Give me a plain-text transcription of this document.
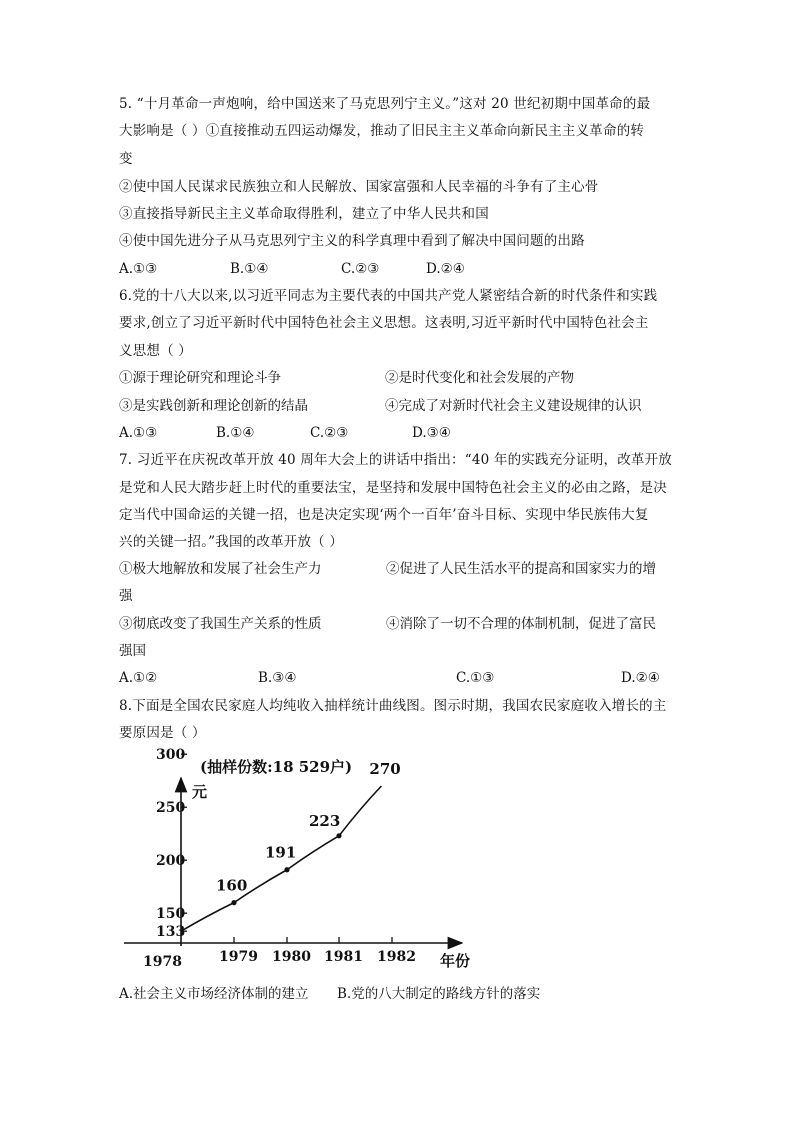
5. “十月革命一声炮响，给中国送来了马克思列宁主义。”这对 20 世纪初期中国革命的最
大影响是（ ）①直接推动五四运动爆发，推动了旧民主主义革命向新民主主义革命的转
变
②使中国人民谋求民族独立和人民解放、国家富强和人民幸福的斗争有了主心骨
③直接指导新民主主义革命取得胜利，建立了中华人民共和国
④使中国先进分子从马克思列宁主义的科学真理中看到了解决中国问题的出路
A.①③	B.①④	C.②③	D.②④
6.党的十八大以来,以习近平同志为主要代表的中国共产党人紧密结合新的时代条件和实践
要求,创立了习近平新时代中国特色社会主义思想。这表明,习近平新时代中国特色社会主
义思想（ ）
①源于理论研究和理论斗争	②是时代变化和社会发展的产物
③是实践创新和理论创新的结晶	④完成了对新时代社会主义建设规律的认识
A.①③	B.①④	C.②③	D.③④
7. 习近平在庆祝改革开放 40 周年大会上的讲话中指出：“40 年的实践充分证明，改革开放
是党和人民大踏步赶上时代的重要法宝，是坚持和发展中国特色社会主义的必由之路，是决
定当代中国命运的关键一招，也是决定实现‘两个一百年’奋斗目标、实现中华民族伟大复
兴的关键一招。”我国的改革开放（ ）
①极大地解放和发展了社会生产力	②促进了人民生活水平的提高和国家实力的增
强
③彻底改变了我国生产关系的性质	④消除了一切不合理的体制机制，促进了富民
强国
A.①②	B.③④	C.①③	D.②④
8.下面是全国农民家庭人均纯收入抽样统计曲线图。图示时期，我国农民家庭收入增长的主
要原因是（ ）
(抽样份数:18 529户)
元
年份
1978	1979 1980 1981 1982
133
150
200
250
300
160
191
223
270
A.社会主义市场经济体制的建立 B.党的八大制定的路线方针的落实
